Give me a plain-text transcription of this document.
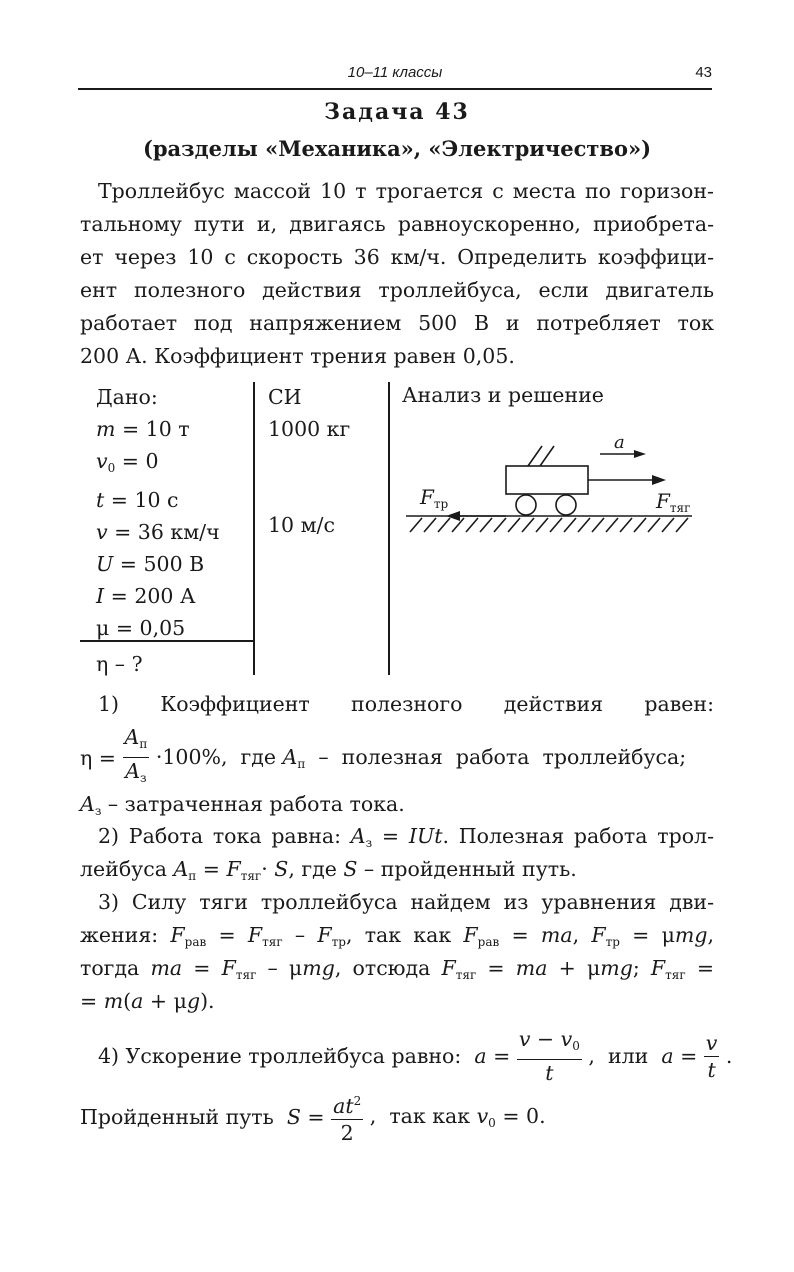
10–11 классы	43
Задача 43
(разделы «Механика», «Электричество»)
Троллейбус массой 10 т трогается с места по горизон-
тальному пути и, двигаясь равноускоренно, приобрета-
ет через 10 с скорость 36 км/ч. Определить коэффици-
ент полезного действия троллейбуса, если двигатель
работает под напряжением 500 В и потребляет ток
200 А. Коэффициент трения равен 0,05.
Дано:
m = 10 т
$v_0 = 0$
t = 10 с
v = 36 км/ч
U = 500 В
I = 200 А
μ = 0,05
η – ?
СИ
1000 кг
10 м/с
Анализ и решение
a
$F_{тр}$	$F_{тяг}$
1) Коэффициент полезного действия равен:
$\eta = \frac{A_п}{A_з} \cdot 100\%$,  где $A_п$  –  полезная  работа  троллейбуса;
$A_з$ – затраченная работа тока.
2) Работа тока равна: $A_з$ = IUt. Полезная работа трол-
лейбуса $A_п = F_{тяг}\cdot S$, где S – пройденный путь.
3) Силу тяги троллейбуса найдем из уравнения дви-
жения: $F_{рав} = F_{тяг} - F_{тр}$, так как $F_{рав}$ = ma, $F_{тр} = \mu mg$,
тогда ma = $F_{тяг}$ – μmg, отсюда $F_{тяг}$ = ma + μmg; $F_{тяг}$ =
= m(a + μg).
4) Ускорение троллейбуса равно:  $a = \frac{v - v_0}{t}$ ,  или  $a = \frac{v}{t}$ .
Пройденный путь  $S = \frac{at^2}{2}$ ,  так как $v_0 = 0$.
